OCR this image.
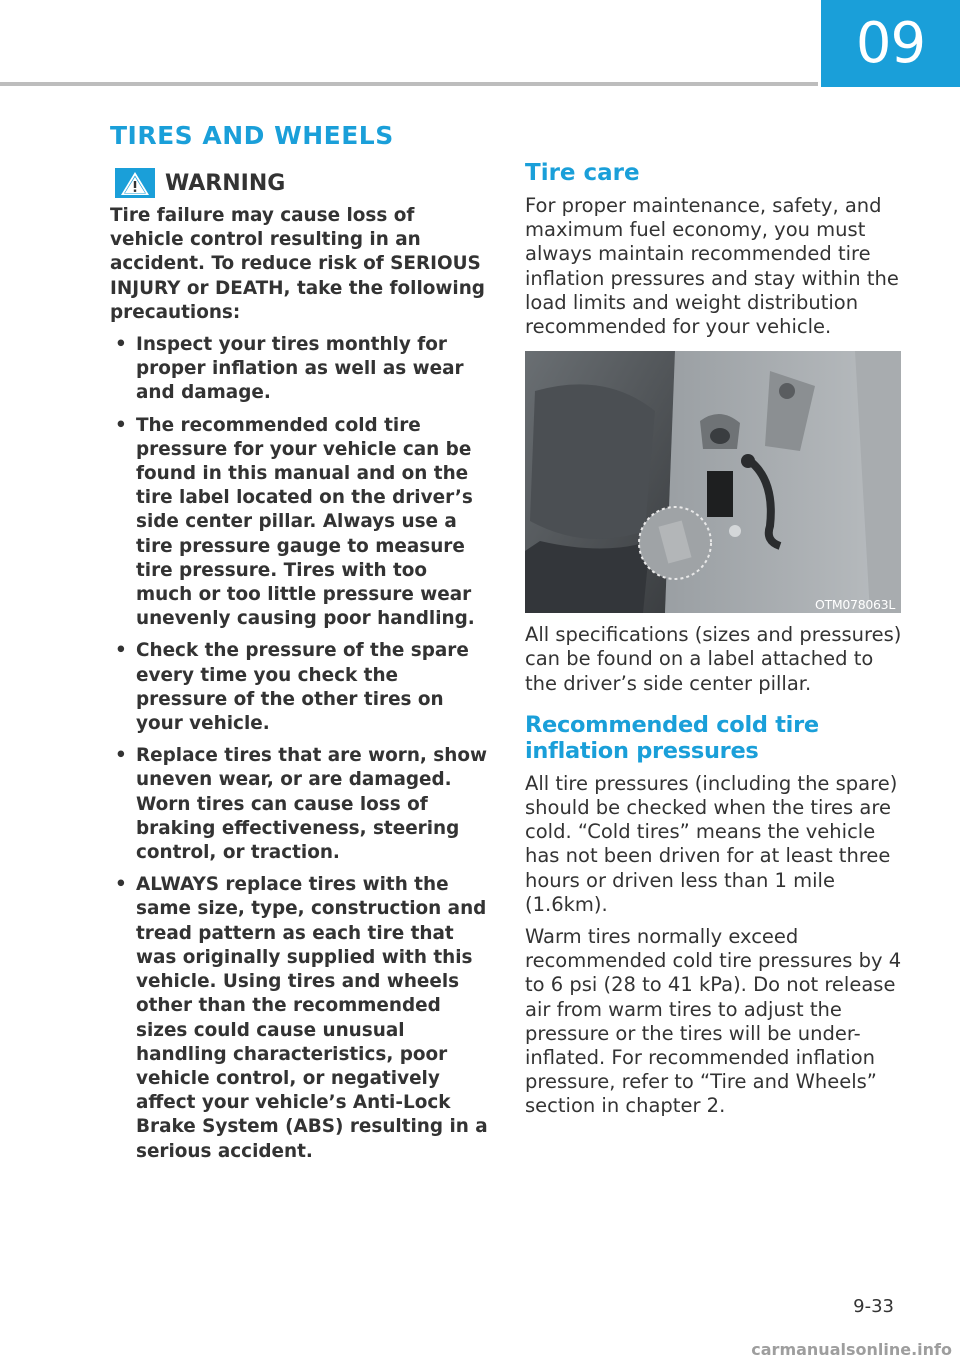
09
TIRES AND WHEELS
WARNING

Tire failure may cause loss of vehicle control resulting in an accident. To reduce risk of SERIOUS INJURY or DEATH, take the following precautions:

• Inspect your tires monthly for proper inflation as well as wear and damage.
• The recommended cold tire pressure for your vehicle can be found in this manual and on the tire label located on the driver’s side center pillar. Always use a tire pressure gauge to measure tire pressure. Tires with too much or too little pressure wear unevenly causing poor handling.
• Check the pressure of the spare every time you check the pressure of the other tires on your vehicle.
• Replace tires that are worn, show uneven wear, or are damaged. Worn tires can cause loss of braking effectiveness, steering control, or traction.
• ALWAYS replace tires with the same size, type, construction and tread pattern as each tire that was originally supplied with this vehicle. Using tires and wheels other than the recommended sizes could cause unusual handling characteristics, poor vehicle control, or negatively affect your vehicle’s Anti-Lock Brake System (ABS) resulting in a serious accident.
Tire care

For proper maintenance, safety, and maximum fuel economy, you must always maintain recommended tire inflation pressures and stay within the load limits and weight distribution recommended for your vehicle.

OTM078063L

All specifications (sizes and pressures) can be found on a label attached to the driver’s side center pillar.

Recommended cold tire inflation pressures

All tire pressures (including the spare) should be checked when the tires are cold. “Cold tires” means the vehicle has not been driven for at least three hours or driven less than 1 mile (1.6km).

Warm tires normally exceed recommended cold tire pressures by 4 to 6 psi (28 to 41 kPa). Do not release air from warm tires to adjust the pressure or the tires will be under-inflated. For recommended inflation pressure, refer to “Tire and Wheels” section in chapter 2.

9-33
carmanualsonline.info
